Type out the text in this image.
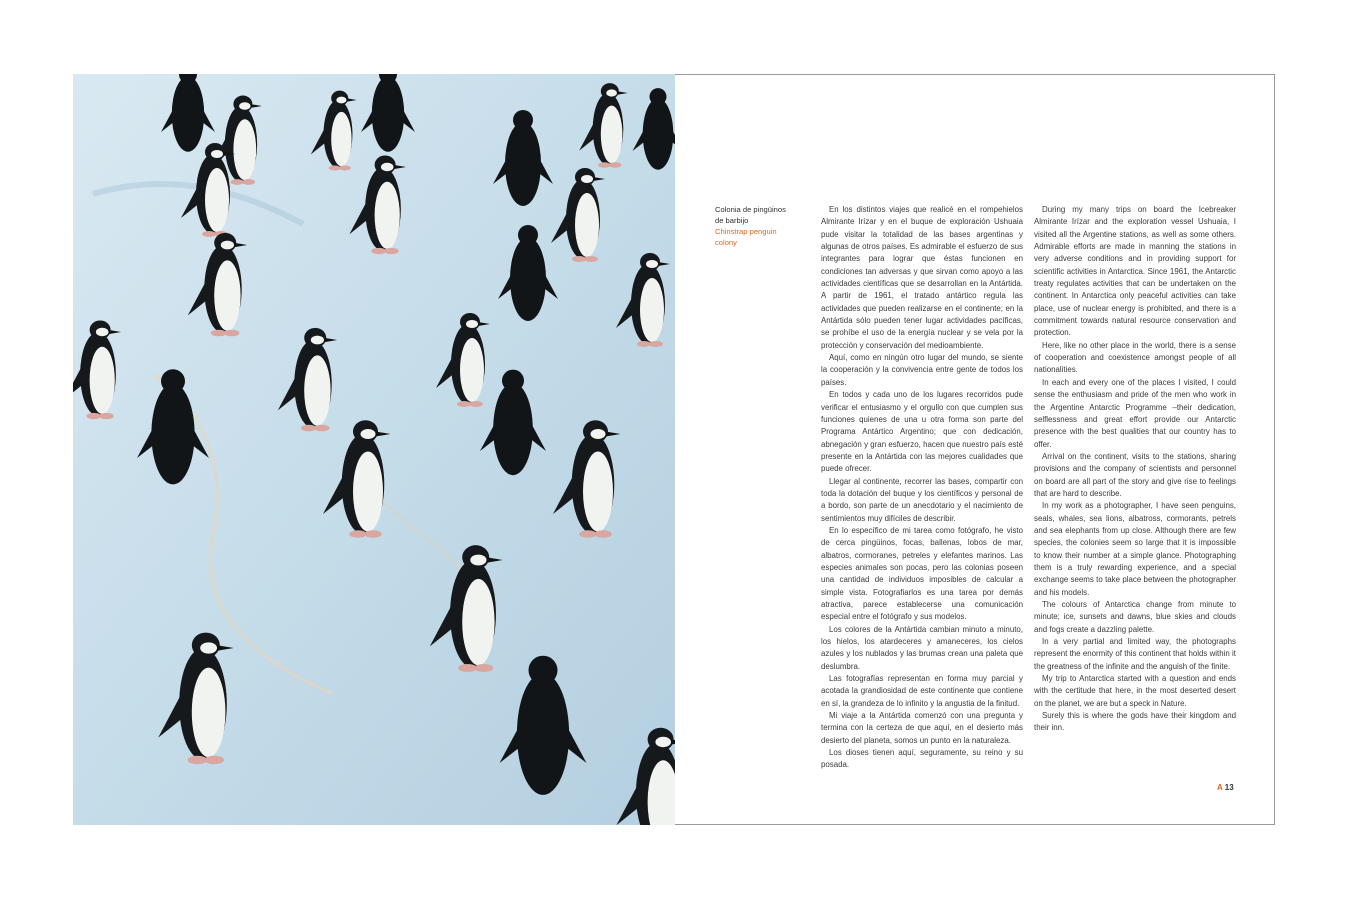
Colonia de pingüinos de barbijo
Chinstrap penguin colony

En los distintos viajes que realicé en el rompehielos Almirante Irízar y en el buque de exploración Ushuaia pude visitar la totalidad de las bases argentinas y algunas de otros países. Es admirable el esfuerzo de sus integrantes para lograr que éstas funcionen en condiciones tan adversas y que sirvan como apoyo a las actividades científicas que se desarrollan en la Antártida. A partir de 1961, el tratado antártico regula las actividades que pueden realizarse en el continente; en la Antártida sólo pueden tener lugar actividades pacíficas, se prohíbe el uso de la energía nuclear y se vela por la protección y conservación del medioambiente.

Aquí, como en ningún otro lugar del mundo, se siente la cooperación y la convivencia entre gente de todos los países.

En todos y cada uno de los lugares recorridos pude verificar el entusiasmo y el orgullo con que cumplen sus funciones quienes de una u otra forma son parte del Programa Antártico Argentino; que con dedicación, abnegación y gran esfuerzo, hacen que nuestro país esté presente en la Antártida con las mejores cualidades que puede ofrecer.

Llegar al continente, recorrer las bases, compartir con toda la dotación del buque y los científicos y personal de a bordo, son parte de un anecdotario y el nacimiento de sentimientos muy difíciles de describir.

En lo específico de mi tarea como fotógrafo, he visto de cerca pingüinos, focas, ballenas, lobos de mar, albatros, cormoranes, petreles y elefantes marinos. Las especies animales son pocas, pero las colonias poseen una cantidad de individuos imposibles de calcular a simple vista. Fotografiarlos es una tarea por demás atractiva, parece establecerse una comunicación especial entre el fotógrafo y sus modelos.

Los colores de la Antártida cambian minuto a minuto, los hielos, los atardeceres y amaneceres, los cielos azules y los nublados y las brumas crean una paleta que deslumbra.

Las fotografías representan en forma muy parcial y acotada la grandiosidad de este continente que contiene en sí, la grandeza de lo infinito y la angustia de la finitud.

Mi viaje a la Antártida comenzó con una pregunta y termina con la certeza de que aquí, en el desierto más desierto del planeta, somos un punto en la naturaleza.

Los dioses tienen aquí, seguramente, su reino y su posada.

During my many trips on board the Icebreaker Almirante Irízar and the exploration vessel Ushuaia, I visited all the Argentine stations, as well as some others. Admirable efforts are made in manning the stations in very adverse conditions and in providing support for scientific activities in Antarctica. Since 1961, the Antarctic treaty regulates activities that can be undertaken on the continent. In Antarctica only peaceful activities can take place, use of nuclear energy is prohibited, and there is a commitment towards natural resource conservation and protection.

Here, like no other place in the world, there is a sense of cooperation and coexistence amongst people of all nationalities.

In each and every one of the places I visited, I could sense the enthusiasm and pride of the men who work in the Argentine Antarctic Programme –their dedication, selflessness and great effort provide our Antarctic presence with the best qualities that our country has to offer.

Arrival on the continent, visits to the stations, sharing provisions and the company of scientists and personnel on board are all part of the story and give rise to feelings that are hard to describe.

In my work as a photographer, I have seen penguins, seals, whales, sea lions, albatross, cormorants, petrels and sea elephants from up close. Although there are few species, the colonies seem so large that it is impossible to know their number at a simple glance. Photographing them is a truly rewarding experience, and a special exchange seems to take place between the photographer and his models.

The colours of Antarctica change from minute to minute; ice, sunsets and dawns, blue skies and clouds and fogs create a dazzling palette.

In a very partial and limited way, the photographs represent the enormity of this continent that holds within it the greatness of the infinite and the anguish of the finite.

My trip to Antarctica started with a question and ends with the certitude that here, in the most deserted desert on the planet, we are but a speck in Nature.

Surely this is where the gods have their kingdom and their inn.

A 13
